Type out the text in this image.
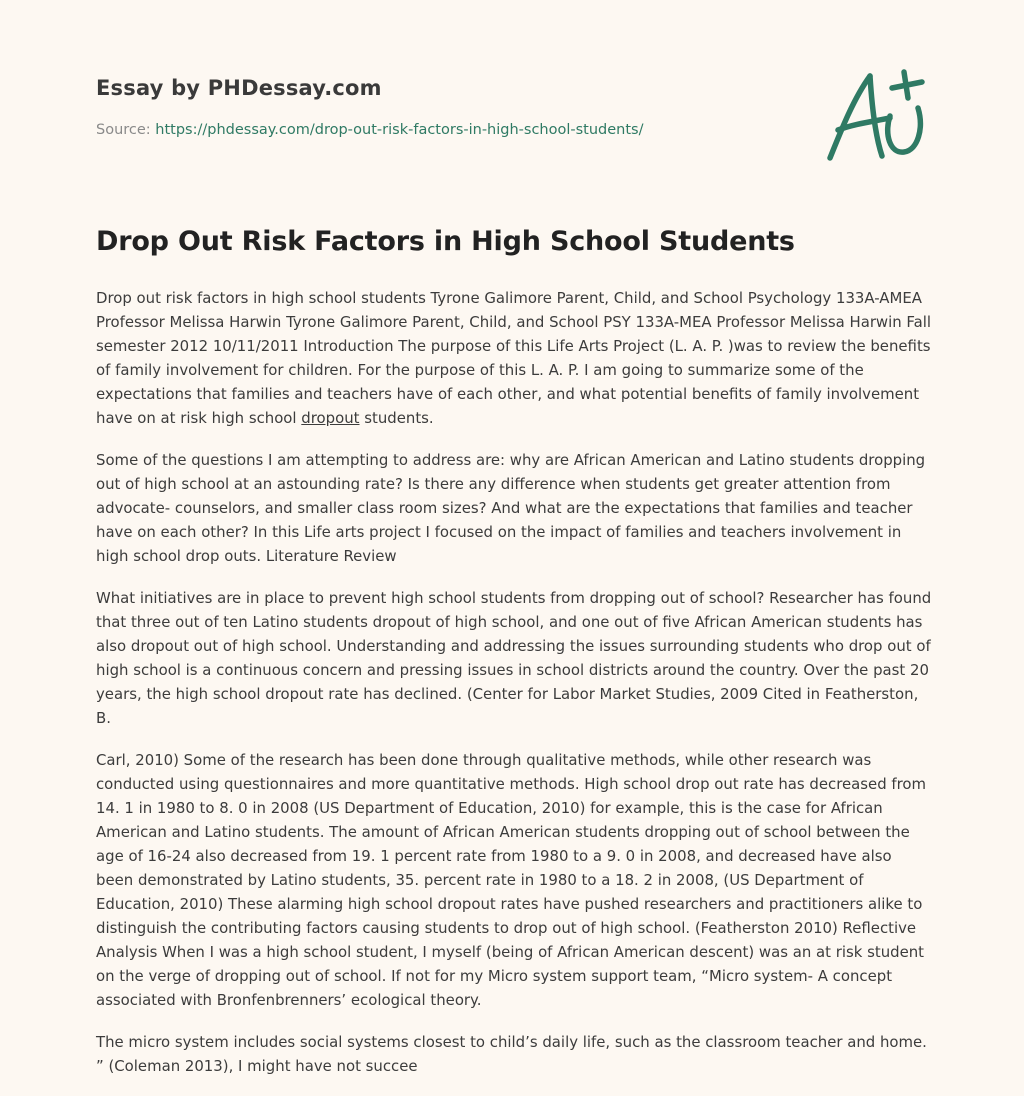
Essay by PHDessay.com
Source: https://phdessay.com/drop-out-risk-factors-in-high-school-students/
Drop Out Risk Factors in High School Students

Drop out risk factors in high school students Tyrone Galimore Parent, Child, and School Psychology 133A-AMEA Professor Melissa Harwin Tyrone Galimore Parent, Child, and School PSY 133A-MEA Professor Melissa Harwin Fall semester 2012 10/11/2011 Introduction The purpose of this Life Arts Project (L. A. P. )was to review the benefits of family involvement for children. For the purpose of this L. A. P. I am going to summarize some of the expectations that families and teachers have of each other, and what potential benefits of family involvement have on at risk high school dropout students.

Some of the questions I am attempting to address are: why are African American and Latino students dropping out of high school at an astounding rate? Is there any difference when students get greater attention from advocate- counselors, and smaller class room sizes? And what are the expectations that families and teacher have on each other? In this Life arts project I focused on the impact of families and teachers involvement in high school drop outs. Literature Review

What initiatives are in place to prevent high school students from dropping out of school? Researcher has found that three out of ten Latino students dropout of high school, and one out of five African American students has also dropout out of high school. Understanding and addressing the issues surrounding students who drop out of high school is a continuous concern and pressing issues in school districts around the country. Over the past 20 years, the high school dropout rate has declined. (Center for Labor Market Studies, 2009 Cited in Featherston, B.

Carl, 2010) Some of the research has been done through qualitative methods, while other research was conducted using questionnaires and more quantitative methods. High school drop out rate has decreased from 14. 1 in 1980 to 8. 0 in 2008 (US Department of Education, 2010) for example, this is the case for African American and Latino students. The amount of African American students dropping out of school between the age of 16-24 also decreased from 19. 1 percent rate from 1980 to a 9. 0 in 2008, and decreased have also been demonstrated by Latino students, 35. percent rate in 1980 to a 18. 2 in 2008, (US Department of Education, 2010) These alarming high school dropout rates have pushed researchers and practitioners alike to distinguish the contributing factors causing students to drop out of high school. (Featherston 2010) Reflective Analysis When I was a high school student, I myself (being of African American descent) was an at risk student on the verge of dropping out of school. If not for my Micro system support team, “Micro system- A concept associated with Bronfenbrenners’ ecological theory.

The micro system includes social systems closest to child’s daily life, such as the classroom teacher and home. ” (Coleman 2013), I might have not succee
